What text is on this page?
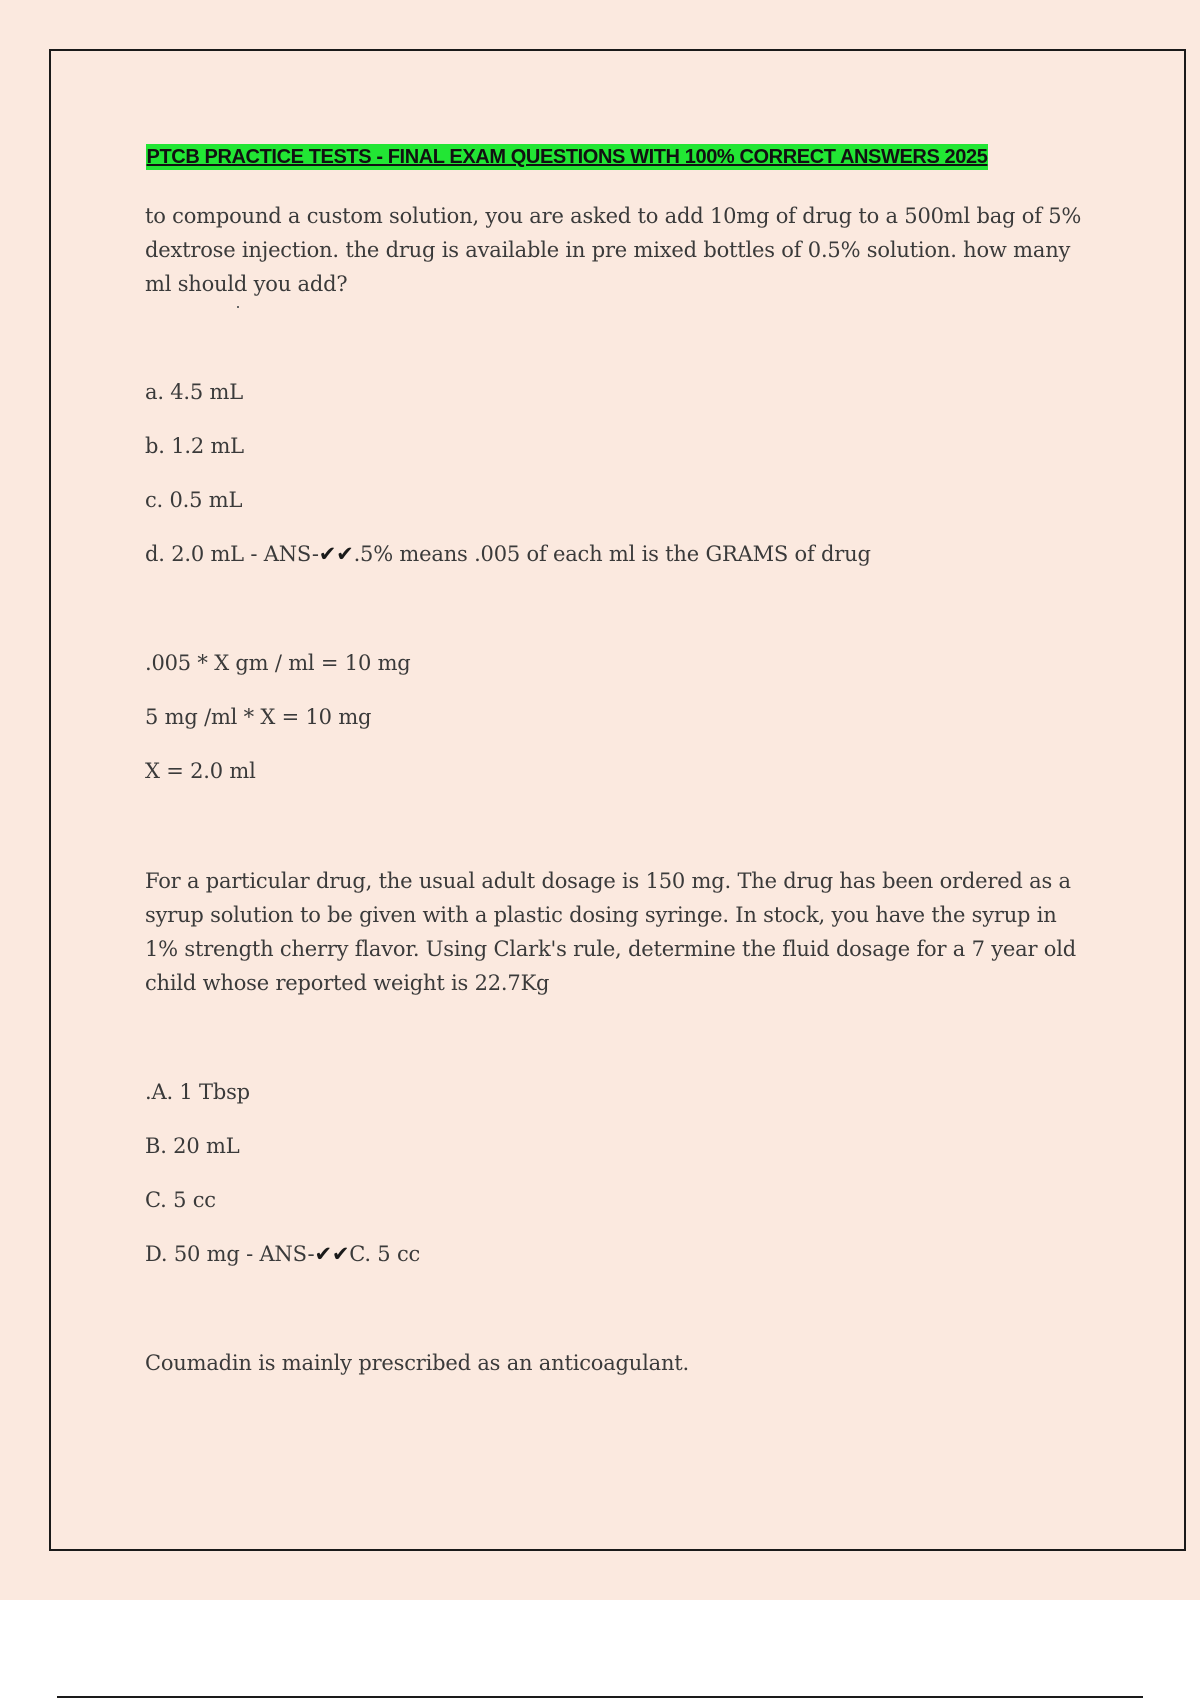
PTCB PRACTICE TESTS - FINAL EXAM QUESTIONS WITH 100% CORRECT ANSWERS 2025
to compound a custom solution, you are asked to add 10mg of drug to a 500ml bag of 5% dextrose injection. the drug is available in pre mixed bottles of 0.5% solution. how many ml should you add?
a. 4.5 mL
b. 1.2 mL
c. 0.5 mL
d. 2.0 mL - ANS-✔✔.5% means .005 of each ml is the GRAMS of drug
.005 * X gm / ml = 10 mg
5 mg /ml * X = 10 mg
X = 2.0 ml
For a particular drug, the usual adult dosage is 150 mg. The drug has been ordered as a syrup solution to be given with a plastic dosing syringe. In stock, you have the syrup in 1% strength cherry flavor. Using Clark's rule, determine the fluid dosage for a 7 year old child whose reported weight is 22.7Kg
.A. 1 Tbsp
B. 20 mL
C. 5 cc
D. 50 mg - ANS-✔✔C. 5 cc
Coumadin is mainly prescribed as an anticoagulant.
